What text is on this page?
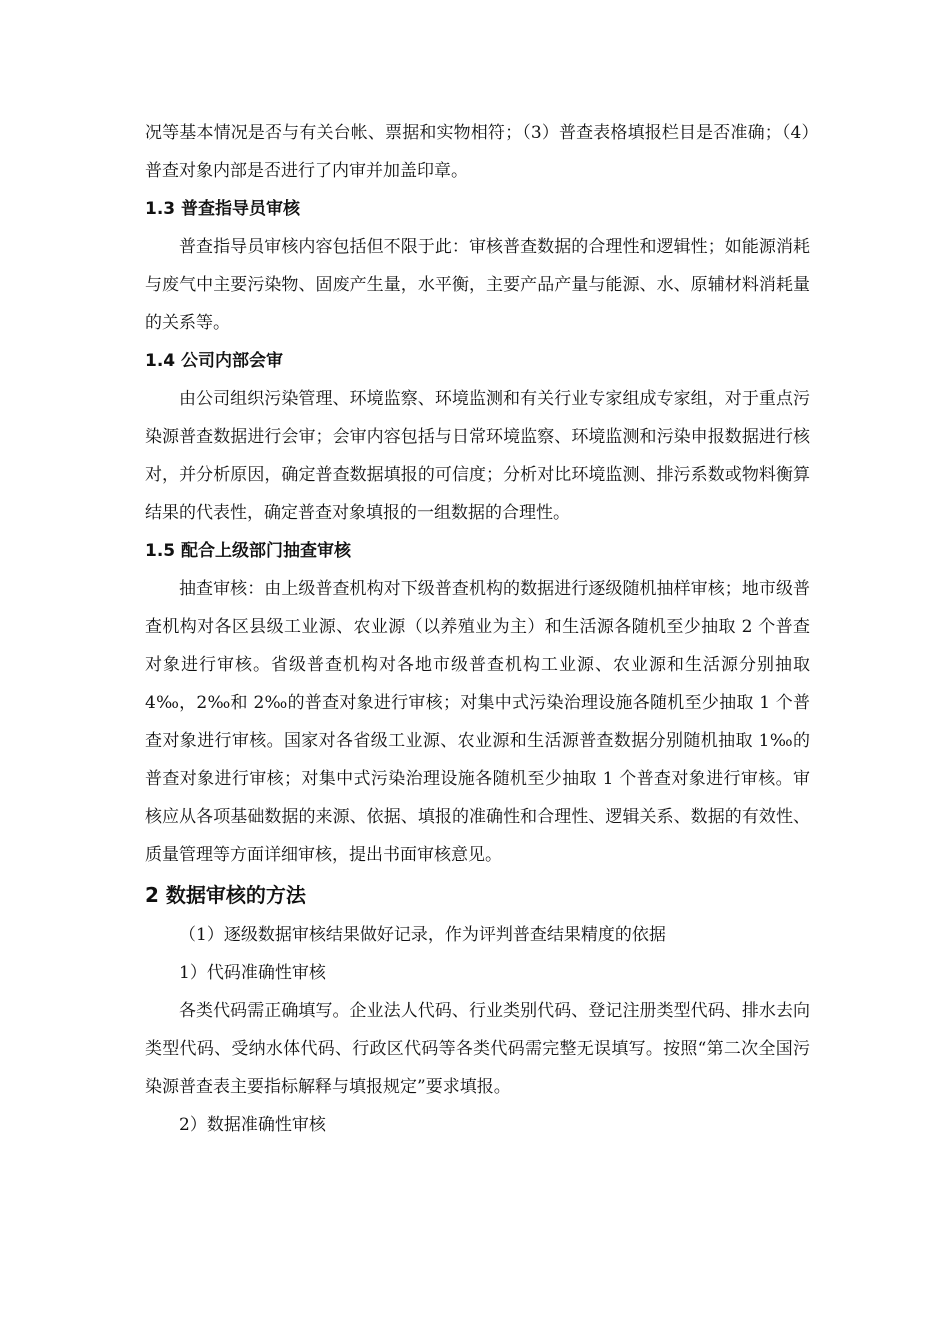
况等基本情况是否与有关台帐、票据和实物相符；（3）普查表格填报栏目是否准确；（4）普查对象内部是否进行了内审并加盖印章。

1.3 普查指导员审核

普查指导员审核内容包括但不限于此：审核普查数据的合理性和逻辑性；如能源消耗与废气中主要污染物、固废产生量，水平衡，主要产品产量与能源、水、原辅材料消耗量的关系等。

1.4 公司内部会审

由公司组织污染管理、环境监察、环境监测和有关行业专家组成专家组，对于重点污染源普查数据进行会审；会审内容包括与日常环境监察、环境监测和污染申报数据进行核对，并分析原因，确定普查数据填报的可信度；分析对比环境监测、排污系数或物料衡算结果的代表性，确定普查对象填报的一组数据的合理性。

1.5 配合上级部门抽查审核

抽查审核：由上级普查机构对下级普查机构的数据进行逐级随机抽样审核；地市级普查机构对各区县级工业源、农业源（以养殖业为主）和生活源各随机至少抽取 2 个普查对象进行审核。省级普查机构对各地市级普查机构工业源、农业源和生活源分别抽取 4‰，2‰和 2‰的普查对象进行审核；对集中式污染治理设施各随机至少抽取 1 个普查对象进行审核。国家对各省级工业源、农业源和生活源普查数据分别随机抽取 1‰的普查对象进行审核；对集中式污染治理设施各随机至少抽取 1 个普查对象进行审核。审核应从各项基础数据的来源、依据、填报的准确性和合理性、逻辑关系、数据的有效性、质量管理等方面详细审核，提出书面审核意见。

2 数据审核的方法

（1）逐级数据审核结果做好记录，作为评判普查结果精度的依据

1）代码准确性审核

各类代码需正确填写。企业法人代码、行业类别代码、登记注册类型代码、排水去向类型代码、受纳水体代码、行政区代码等各类代码需完整无误填写。按照“第二次全国污染源普查表主要指标解释与填报规定”要求填报。

2）数据准确性审核
